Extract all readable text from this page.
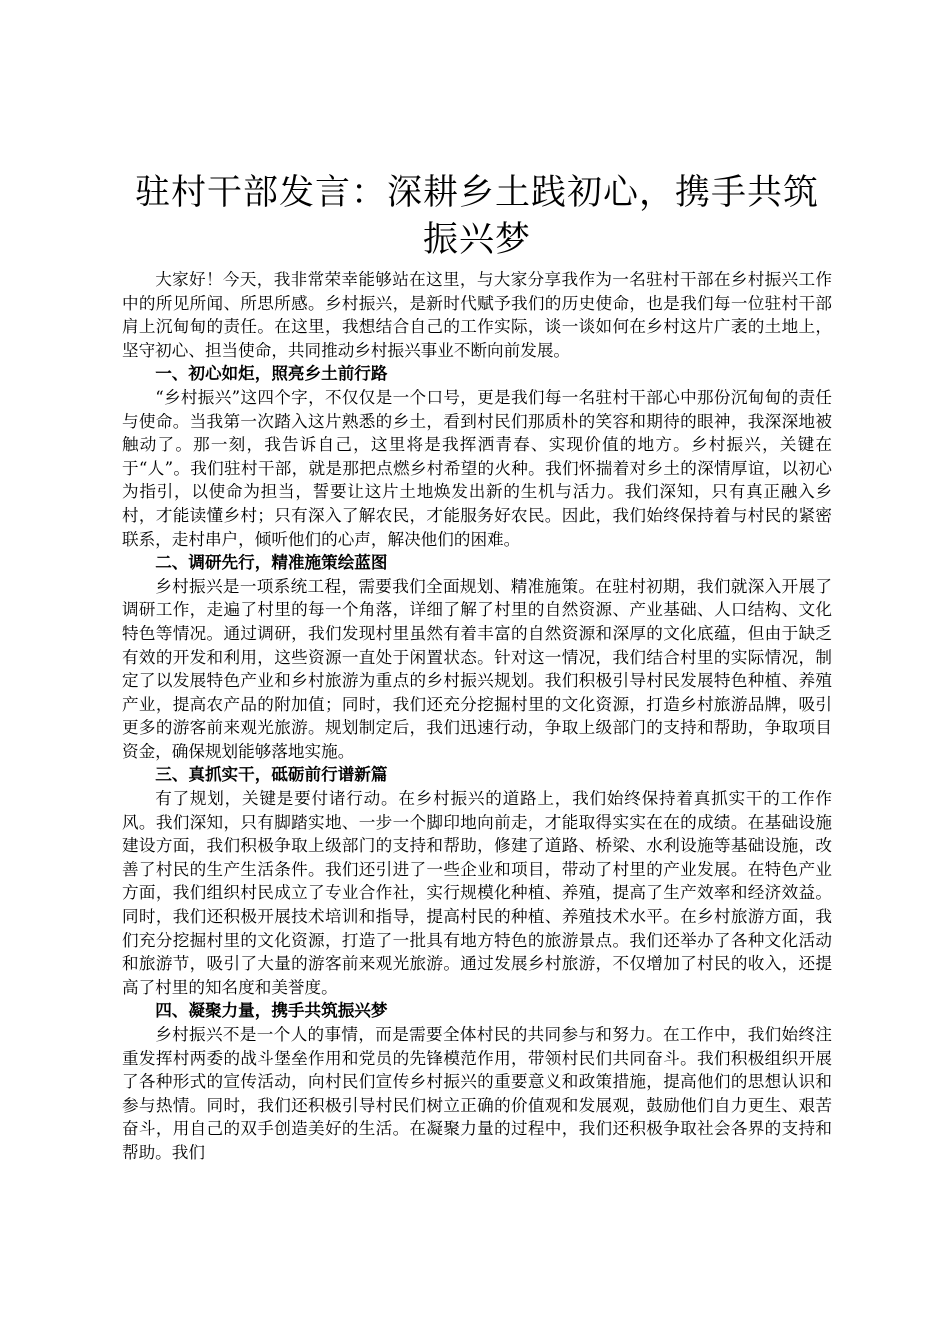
驻村干部发言：深耕乡土践初心，携手共筑振兴梦

大家好！今天，我非常荣幸能够站在这里，与大家分享我作为一名驻村干部在乡村振兴工作中的所见所闻、所思所感。乡村振兴，是新时代赋予我们的历史使命，也是我们每一位驻村干部肩上沉甸甸的责任。在这里，我想结合自己的工作实际，谈一谈如何在乡村这片广袤的土地上，坚守初心、担当使命，共同推动乡村振兴事业不断向前发展。

一、初心如炬，照亮乡土前行路

“乡村振兴”这四个字，不仅仅是一个口号，更是我们每一名驻村干部心中那份沉甸甸的责任与使命。当我第一次踏入这片熟悉的乡土，看到村民们那质朴的笑容和期待的眼神，我深深地被触动了。那一刻，我告诉自己，这里将是我挥洒青春、实现价值的地方。乡村振兴，关键在于“人”。我们驻村干部，就是那把点燃乡村希望的火种。我们怀揣着对乡土的深情厚谊，以初心为指引，以使命为担当，誓要让这片土地焕发出新的生机与活力。我们深知，只有真正融入乡村，才能读懂乡村；只有深入了解农民，才能服务好农民。因此，我们始终保持着与村民的紧密联系，走村串户，倾听他们的心声，解决他们的困难。

二、调研先行，精准施策绘蓝图

乡村振兴是一项系统工程，需要我们全面规划、精准施策。在驻村初期，我们就深入开展了调研工作，走遍了村里的每一个角落，详细了解了村里的自然资源、产业基础、人口结构、文化特色等情况。通过调研，我们发现村里虽然有着丰富的自然资源和深厚的文化底蕴，但由于缺乏有效的开发和利用，这些资源一直处于闲置状态。针对这一情况，我们结合村里的实际情况，制定了以发展特色产业和乡村旅游为重点的乡村振兴规划。我们积极引导村民发展特色种植、养殖产业，提高农产品的附加值；同时，我们还充分挖掘村里的文化资源，打造乡村旅游品牌，吸引更多的游客前来观光旅游。规划制定后，我们迅速行动，争取上级部门的支持和帮助，争取项目资金，确保规划能够落地实施。

三、真抓实干，砥砺前行谱新篇

有了规划，关键是要付诸行动。在乡村振兴的道路上，我们始终保持着真抓实干的工作作风。我们深知，只有脚踏实地、一步一个脚印地向前走，才能取得实实在在的成绩。在基础设施建设方面，我们积极争取上级部门的支持和帮助，修建了道路、桥梁、水利设施等基础设施，改善了村民的生产生活条件。我们还引进了一些企业和项目，带动了村里的产业发展。在特色产业方面，我们组织村民成立了专业合作社，实行规模化种植、养殖，提高了生产效率和经济效益。同时，我们还积极开展技术培训和指导，提高村民的种植、养殖技术水平。在乡村旅游方面，我们充分挖掘村里的文化资源，打造了一批具有地方特色的旅游景点。我们还举办了各种文化活动和旅游节，吸引了大量的游客前来观光旅游。通过发展乡村旅游，不仅增加了村民的收入，还提高了村里的知名度和美誉度。

四、凝聚力量，携手共筑振兴梦

乡村振兴不是一个人的事情，而是需要全体村民的共同参与和努力。在工作中，我们始终注重发挥村两委的战斗堡垒作用和党员的先锋模范作用，带领村民们共同奋斗。我们积极组织开展了各种形式的宣传活动，向村民们宣传乡村振兴的重要意义和政策措施，提高他们的思想认识和参与热情。同时，我们还积极引导村民们树立正确的价值观和发展观，鼓励他们自力更生、艰苦奋斗，用自己的双手创造美好的生活。在凝聚力量的过程中，我们还积极争取社会各界的支持和帮助。我们
